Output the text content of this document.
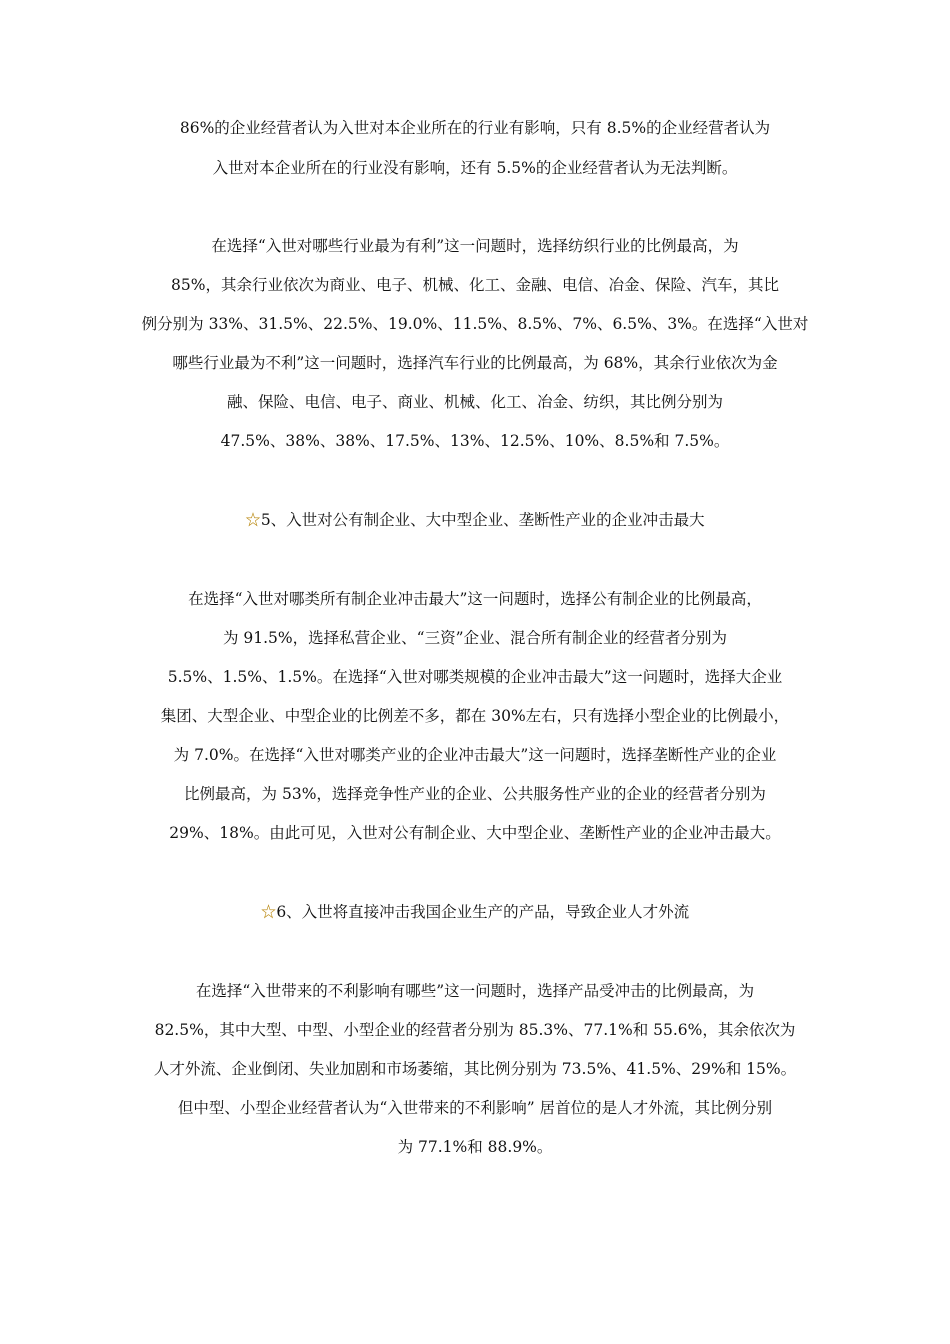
86%的企业经营者认为入世对本企业所在的行业有影响，只有 8.5%的企业经营者认为
入世对本企业所在的行业没有影响，还有 5.5%的企业经营者认为无法判断。
在选择“入世对哪些行业最为有利”这一问题时，选择纺织行业的比例最高，为
85%，其余行业依次为商业、电子、机械、化工、金融、电信、冶金、保险、汽车，其比
例分别为 33%、31.5%、22.5%、19.0%、11.5%、8.5%、7%、6.5%、3%。在选择“入世对
哪些行业最为不利”这一问题时，选择汽车行业的比例最高，为 68%，其余行业依次为金
融、保险、电信、电子、商业、机械、化工、冶金、纺织，其比例分别为
47.5%、38%、38%、17.5%、13%、12.5%、10%、8.5%和 7.5%。
☆5、入世对公有制企业、大中型企业、垄断性产业的企业冲击最大
在选择“入世对哪类所有制企业冲击最大”这一问题时，选择公有制企业的比例最高，
为 91.5%，选择私营企业、“三资”企业、混合所有制企业的经营者分别为
5.5%、1.5%、1.5%。在选择“入世对哪类规模的企业冲击最大”这一问题时，选择大企业
集团、大型企业、中型企业的比例差不多，都在 30%左右，只有选择小型企业的比例最小，
为 7.0%。在选择“入世对哪类产业的企业冲击最大”这一问题时，选择垄断性产业的企业
比例最高，为 53%，选择竞争性产业的企业、公共服务性产业的企业的经营者分别为
29%、18%。由此可见，入世对公有制企业、大中型企业、垄断性产业的企业冲击最大。
☆6、入世将直接冲击我国企业生产的产品，导致企业人才外流
在选择“入世带来的不利影响有哪些”这一问题时，选择产品受冲击的比例最高，为
82.5%，其中大型、中型、小型企业的经营者分别为 85.3%、77.1%和 55.6%，其余依次为
人才外流、企业倒闭、失业加剧和市场萎缩，其比例分别为 73.5%、41.5%、29%和 15%。
但中型、小型企业经营者认为“入世带来的不利影响” 居首位的是人才外流，其比例分别
为 77.1%和 88.9%。
